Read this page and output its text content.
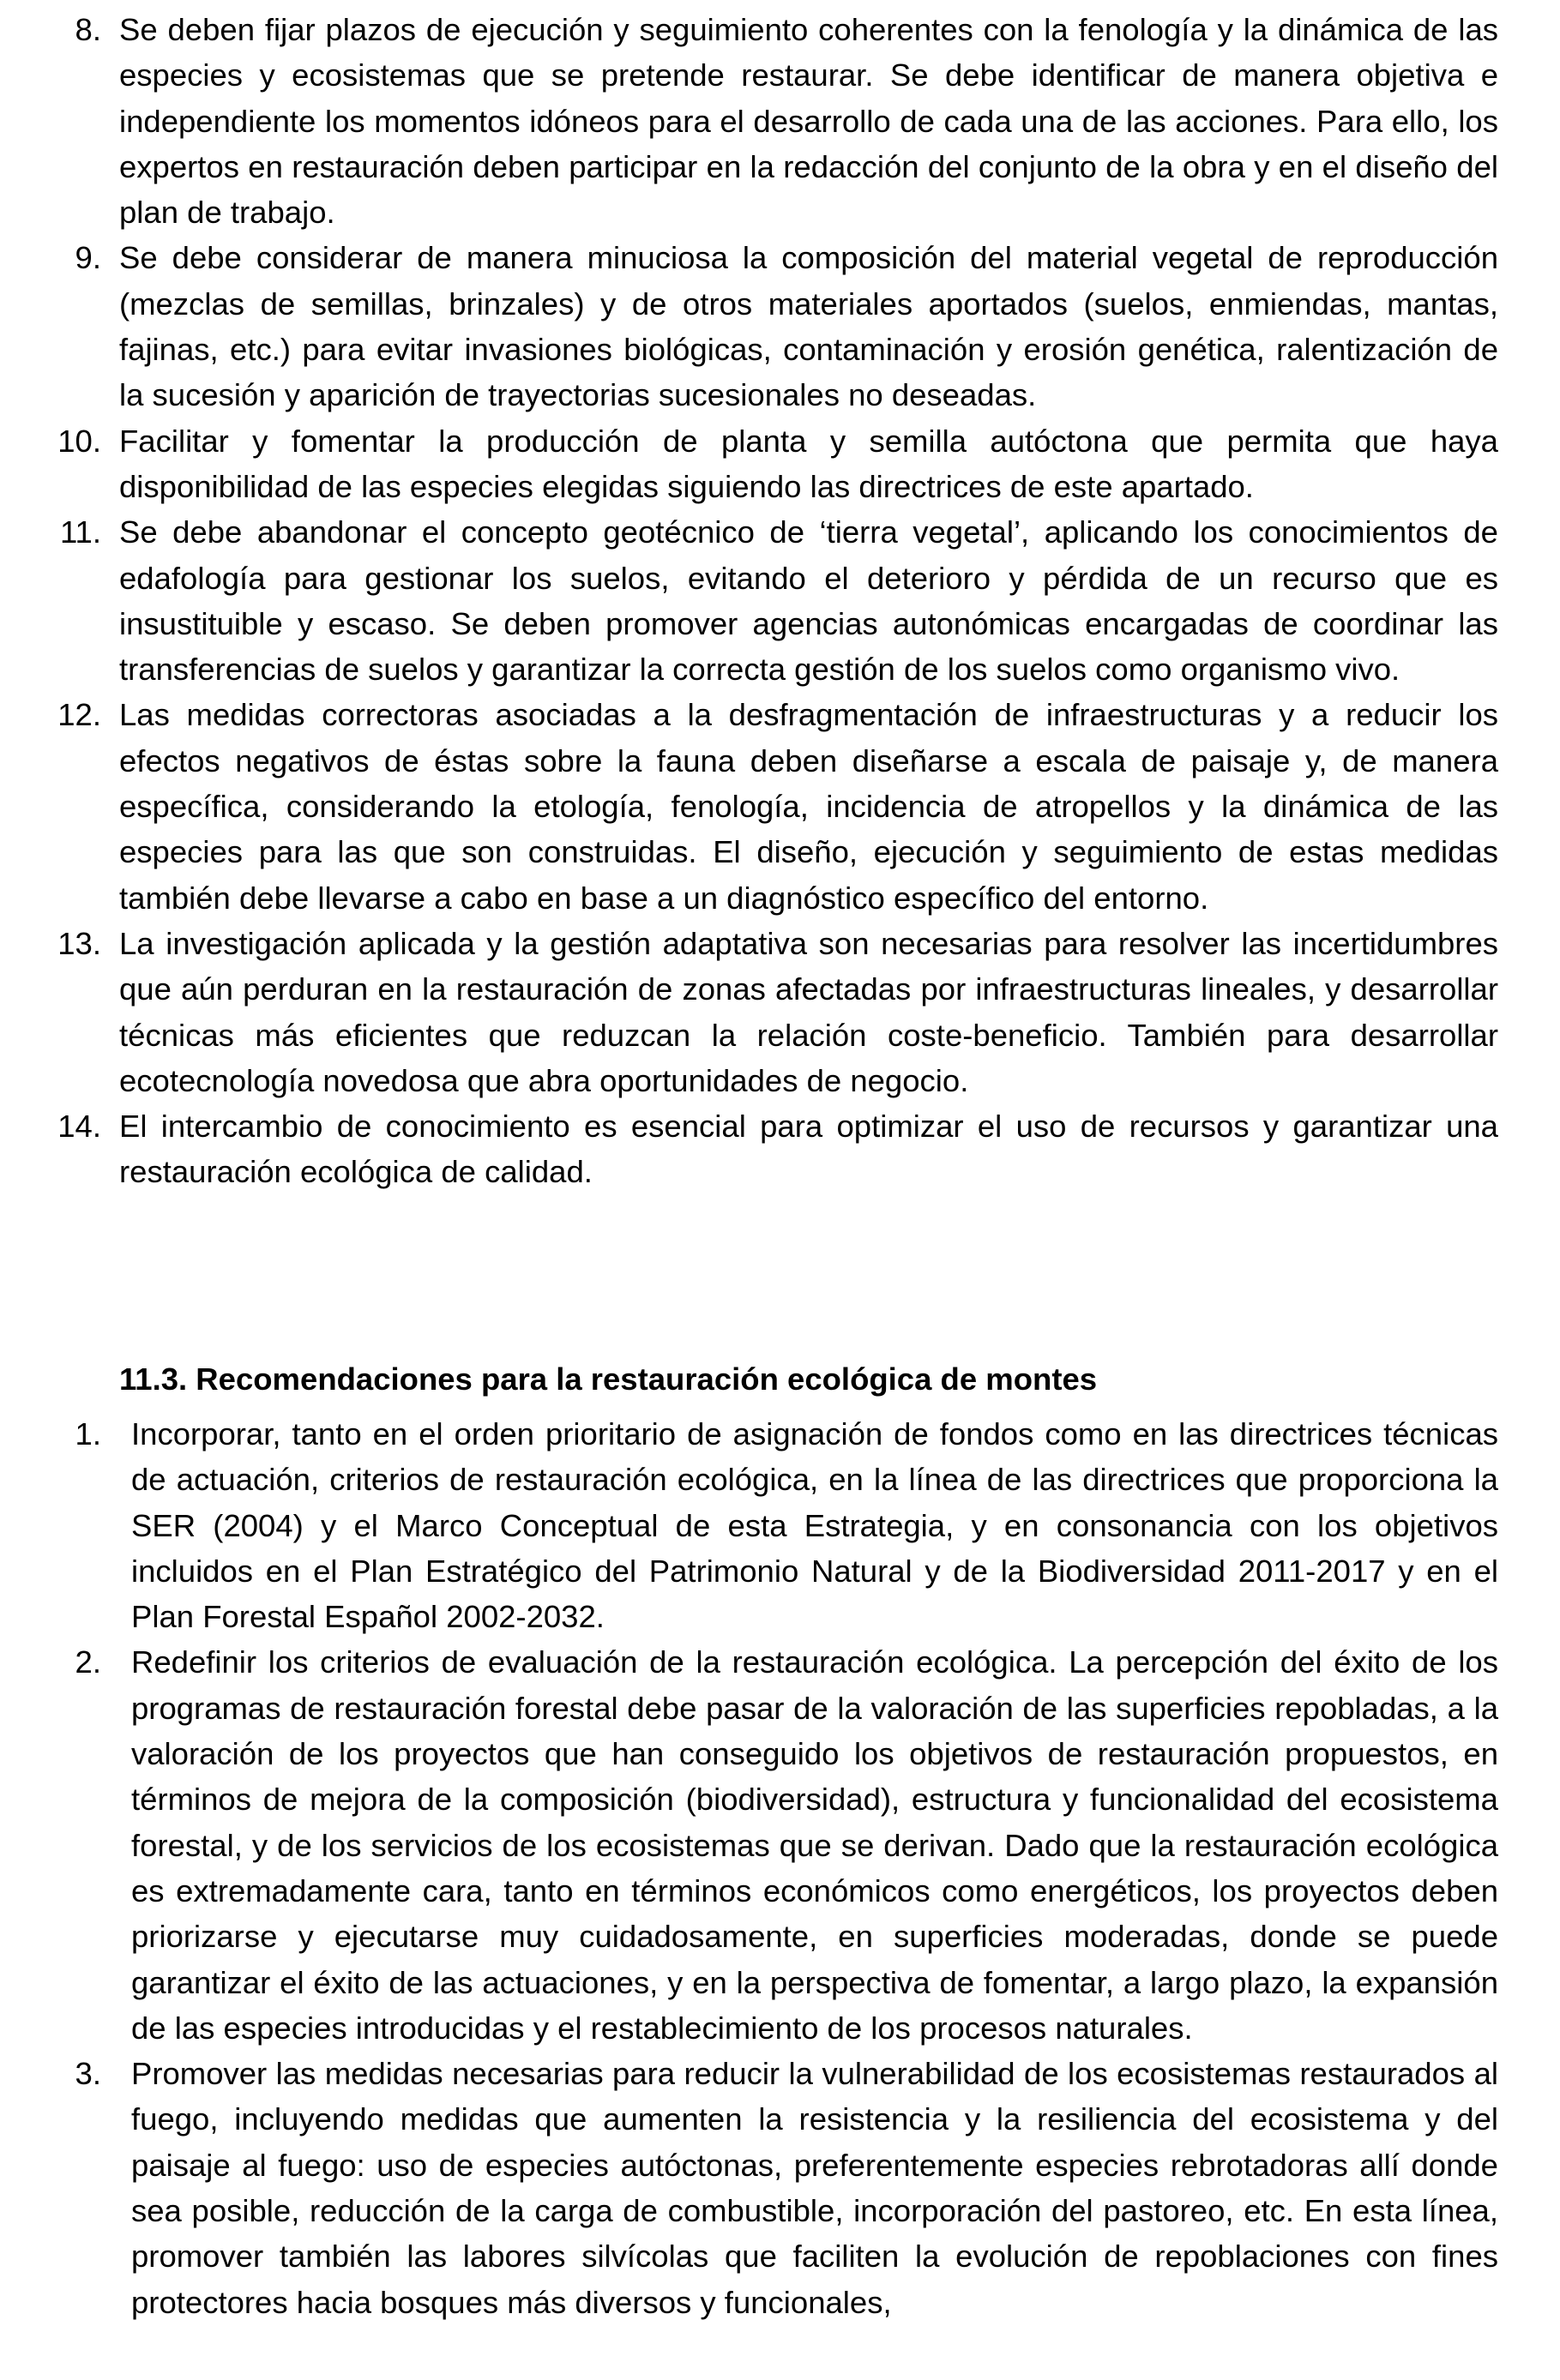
8. Se deben fijar plazos de ejecución y seguimiento coherentes con la fenología y la dinámica de las especies y ecosistemas que se pretende restaurar. Se debe identificar de manera objetiva e independiente los momentos idóneos para el desarrollo de cada una de las acciones. Para ello, los expertos en restauración deben participar en la redacción del conjunto de la obra y en el diseño del plan de trabajo.
9. Se debe considerar de manera minuciosa la composición del material vegetal de reproducción (mezclas de semillas, brinzales) y de otros materiales aportados (suelos, enmiendas, mantas, fajinas, etc.) para evitar invasiones biológicas, contaminación y erosión genética, ralentización de la sucesión y aparición de trayectorias sucesionales no deseadas.
10. Facilitar y fomentar la producción de planta y semilla autóctona que permita que haya disponibilidad de las especies elegidas siguiendo las directrices de este apartado.
11. Se debe abandonar el concepto geotécnico de ‘tierra vegetal’, aplicando los conocimientos de edafología para gestionar los suelos, evitando el deterioro y pérdida de un recurso que es insustituible y escaso. Se deben promover agencias autonómicas encargadas de coordinar las transferencias de suelos y garantizar la correcta gestión de los suelos como organismo vivo.
12. Las medidas correctoras asociadas a la desfragmentación de infraestructuras y a reducir los efectos negativos de éstas sobre la fauna deben diseñarse a escala de paisaje y, de manera específica, considerando la etología, fenología, incidencia de atropellos y la dinámica de las especies para las que son construidas. El diseño, ejecución y seguimiento de estas medidas también debe llevarse a cabo en base a un diagnóstico específico del entorno.
13. La investigación aplicada y la gestión adaptativa son necesarias para resolver las incertidumbres que aún perduran en la restauración de zonas afectadas por infraestructuras lineales, y desarrollar técnicas más eficientes que reduzcan la relación coste-beneficio. También para desarrollar ecotecnología novedosa que abra oportunidades de negocio.
14. El intercambio de conocimiento es esencial para optimizar el uso de recursos y garantizar una restauración ecológica de calidad.
11.3. Recomendaciones para la restauración ecológica de montes
1. Incorporar, tanto en el orden prioritario de asignación de fondos como en las directrices técnicas de actuación, criterios de restauración ecológica, en la línea de las directrices que proporciona la SER (2004) y el Marco Conceptual de esta Estrategia, y en consonancia con los objetivos incluidos en el Plan Estratégico del Patrimonio Natural y de la Biodiversidad 2011-2017 y en el Plan Forestal Español 2002-2032.
2. Redefinir los criterios de evaluación de la restauración ecológica. La percepción del éxito de los programas de restauración forestal debe pasar de la valoración de las superficies repobladas, a la valoración de los proyectos que han conseguido los objetivos de restauración propuestos, en términos de mejora de la composición (biodiversidad), estructura y funcionalidad del ecosistema forestal, y de los servicios de los ecosistemas que se derivan. Dado que la restauración ecológica es extremadamente cara, tanto en términos económicos como energéticos, los proyectos deben priorizarse y ejecutarse muy cuidadosamente, en superficies moderadas, donde se puede garantizar el éxito de las actuaciones, y en la perspectiva de fomentar, a largo plazo, la expansión de las especies introducidas y el restablecimiento de los procesos naturales.
3. Promover las medidas necesarias para reducir la vulnerabilidad de los ecosistemas restaurados al fuego, incluyendo medidas que aumenten la resistencia y la resiliencia del ecosistema y del paisaje al fuego: uso de especies autóctonas, preferentemente especies rebrotadoras allí donde sea posible, reducción de la carga de combustible, incorporación del pastoreo, etc. En esta línea, promover también las labores silvícolas que faciliten la evolución de repoblaciones con fines protectores hacia bosques más diversos y funcionales,
